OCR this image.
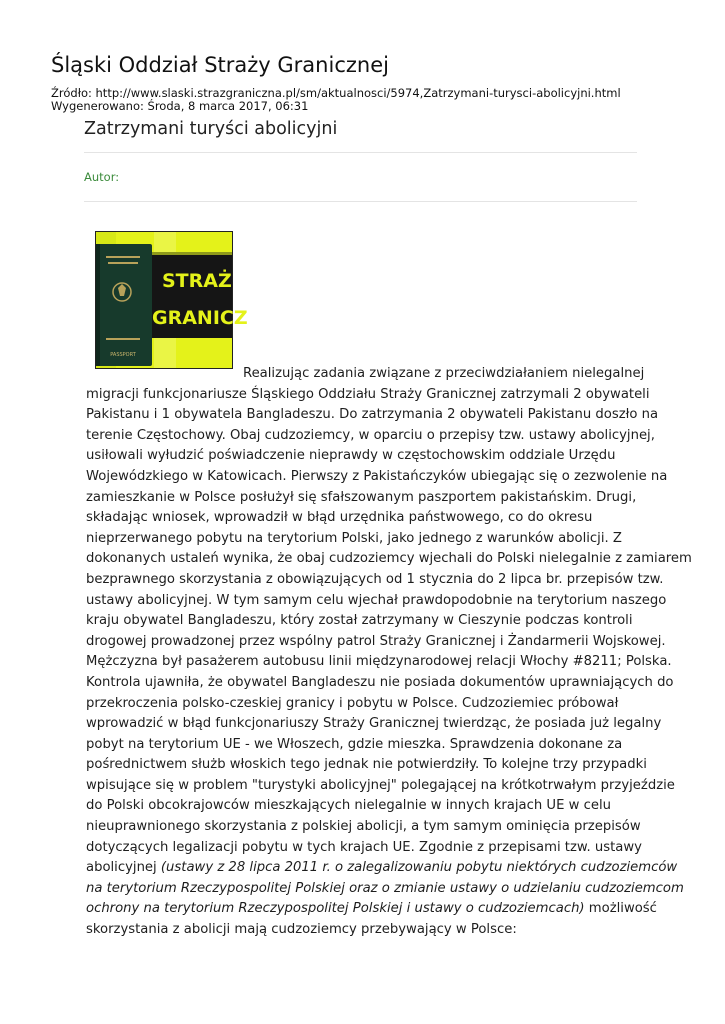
Śląski Oddział Straży Granicznej
Źródło: http://www.slaski.strazgraniczna.pl/sm/aktualnosci/5974,Zatrzymani-turysci-abolicyjni.html
Wygenerowano: Środa, 8 marca 2017, 06:31
Zatrzymani turyści abolicyjni
Autor:
PASSPORT
STRAŻ
GRANICZ

Realizując zadania związane z przeciwdziałaniem nielegalnej
migracji funkcjonariusze Śląskiego Oddziału Straży Granicznej zatrzymali 2 obywateli
Pakistanu i 1 obywatela Bangladeszu. Do zatrzymania 2 obywateli Pakistanu doszło na
terenie Częstochowy. Obaj cudzoziemcy, w oparciu o przepisy tzw. ustawy abolicyjnej,
usiłowali wyłudzić poświadczenie nieprawdy w częstochowskim oddziale Urzędu
Wojewódzkiego w Katowicach. Pierwszy z Pakistańczyków ubiegając się o zezwolenie na
zamieszkanie w Polsce posłużył się sfałszowanym paszportem pakistańskim. Drugi,
składając wniosek, wprowadził w błąd urzędnika państwowego, co do okresu
nieprzerwanego pobytu na terytorium Polski, jako jednego z warunków abolicji. Z
dokonanych ustaleń wynika, że obaj cudzoziemcy wjechali do Polski nielegalnie z zamiarem
bezprawnego skorzystania z obowiązujących od 1 stycznia do 2 lipca br. przepisów tzw.
ustawy abolicyjnej. W tym samym celu wjechał prawdopodobnie na terytorium naszego
kraju obywatel Bangladeszu, który został zatrzymany w Cieszynie podczas kontroli
drogowej prowadzonej przez wspólny patrol Straży Granicznej i Żandarmerii Wojskowej.
Mężczyzna był pasażerem autobusu linii międzynarodowej relacji Włochy #8211; Polska.
Kontrola ujawniła, że obywatel Bangladeszu nie posiada dokumentów uprawniających do
przekroczenia polsko-czeskiej granicy i pobytu w Polsce. Cudzoziemiec próbował
wprowadzić w błąd funkcjonariuszy Straży Granicznej twierdząc, że posiada już legalny
pobyt na terytorium UE - we Włoszech, gdzie mieszka. Sprawdzenia dokonane za
pośrednictwem służb włoskich tego jednak nie potwierdziły. To kolejne trzy przypadki
wpisujące się w problem "turystyki abolicyjnej" polegającej na krótkotrwałym przyjeździe
do Polski obcokrajowców mieszkających nielegalnie w innych krajach UE w celu
nieuprawnionego skorzystania z polskiej abolicji, a tym samym ominięcia przepisów
dotyczących legalizacji pobytu w tych krajach UE. Zgodnie z przepisami tzw. ustawy
abolicyjnej (ustawy z 28 lipca 2011 r. o zalegalizowaniu pobytu niektórych cudzoziemców
na terytorium Rzeczypospolitej Polskiej oraz o zmianie ustawy o udzielaniu cudzoziemcom
ochrony na terytorium Rzeczypospolitej Polskiej i ustawy o cudzoziemcach) możliwość
skorzystania z abolicji mają cudzoziemcy przebywający w Polsce:
